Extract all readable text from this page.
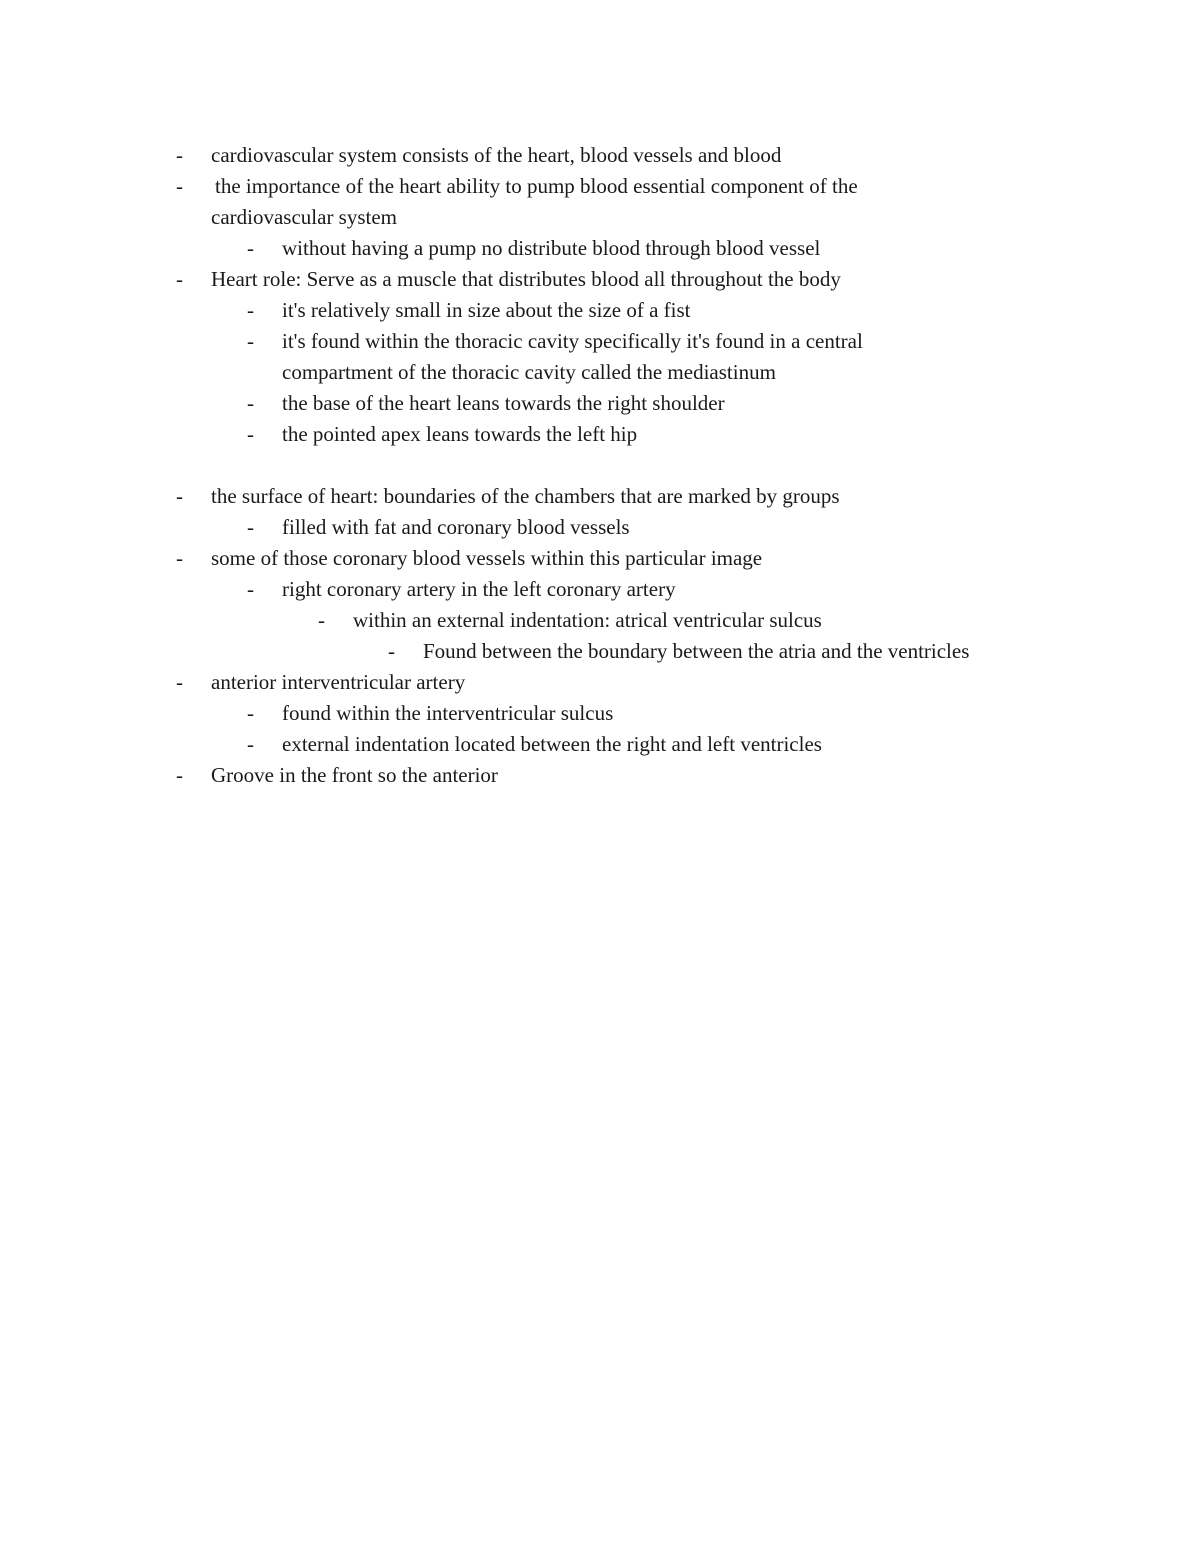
- cardiovascular system consists of the heart, blood vessels and blood
- the importance of the heart ability to pump blood essential component of the
cardiovascular system
- without having a pump no distribute blood through blood vessel
- Heart role: Serve as a muscle that distributes blood all throughout the body
- it's relatively small in size about the size of a fist
- it's found within the thoracic cavity specifically it's found in a central
compartment of the thoracic cavity called the mediastinum
- the base of the heart leans towards the right shoulder
- the pointed apex leans towards the left hip
- the surface of heart: boundaries of the chambers that are marked by groups
- filled with fat and coronary blood vessels
- some of those coronary blood vessels within this particular image
- right coronary artery in the left coronary artery
- within an external indentation: atrical ventricular sulcus
- Found between the boundary between the atria and the ventricles
- anterior interventricular artery
- found within the interventricular sulcus
- external indentation located between the right and left ventricles
- Groove in the front so the anterior
